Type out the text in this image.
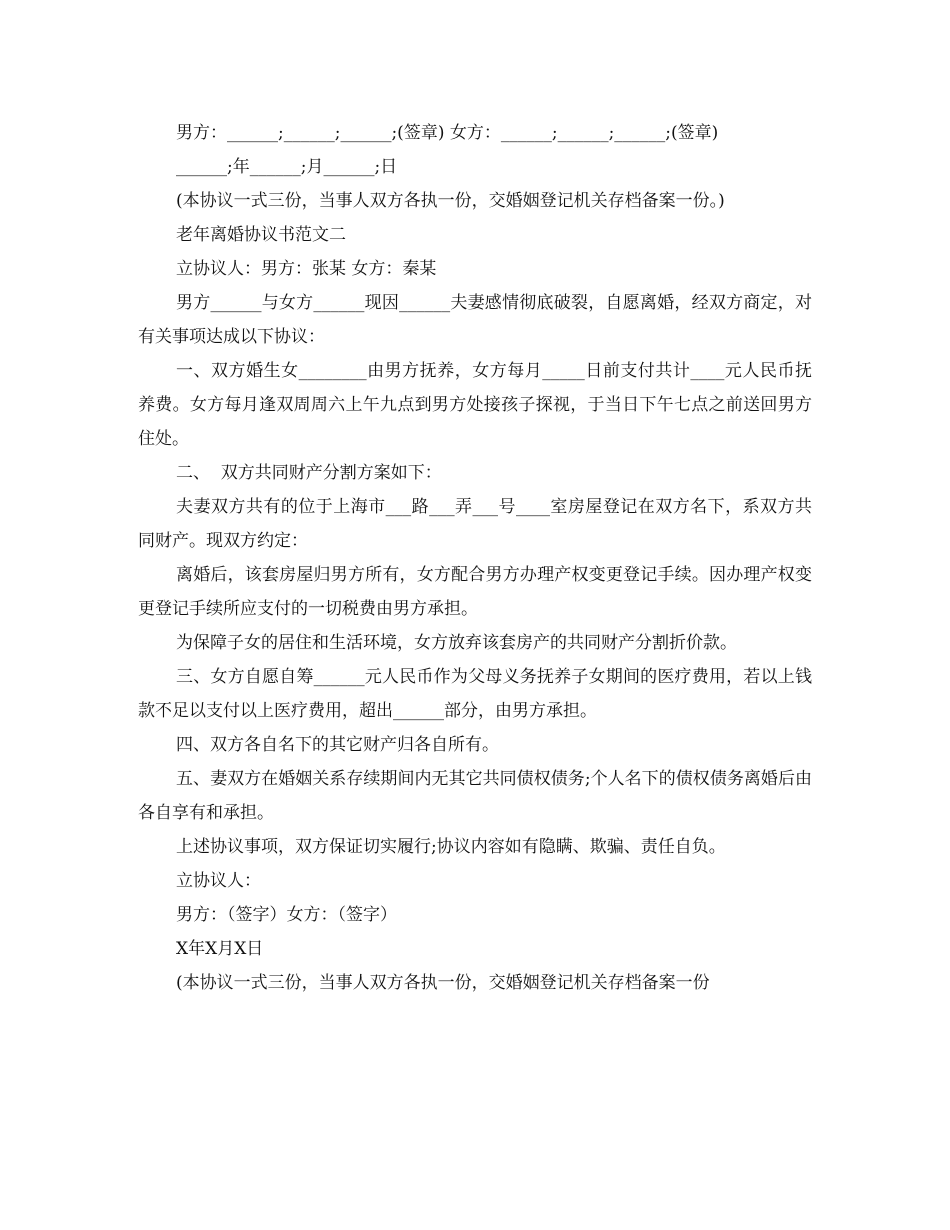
男方：______;______;______;(签章) 女方：______;______;______;(签章)

______;年______;月______;日

(本协议一式三份，当事人双方各执一份，交婚姻登记机关存档备案一份。)

老年离婚协议书范文二

立协议人：男方：张某 女方：秦某

男方______与女方______现因______夫妻感情彻底破裂，自愿离婚，经双方商定，对有关事项达成以下协议：

一、双方婚生女________由男方抚养，女方每月_____日前支付共计____元人民币抚养费。女方每月逢双周周六上午九点到男方处接孩子探视，于当日下午七点之前送回男方住处。

二、  双方共同财产分割方案如下：

夫妻双方共有的位于上海市___路___弄___号____室房屋登记在双方名下，系双方共同财产。现双方约定：

离婚后，该套房屋归男方所有，女方配合男方办理产权变更登记手续。因办理产权变更登记手续所应支付的一切税费由男方承担。

为保障子女的居住和生活环境，女方放弃该套房产的共同财产分割折价款。

三、女方自愿自筹______元人民币作为父母义务抚养子女期间的医疗费用，若以上钱款不足以支付以上医疗费用，超出______部分，由男方承担。

四、双方各自名下的其它财产归各自所有。

五、妻双方在婚姻关系存续期间内无其它共同债权债务;个人名下的债权债务离婚后由各自享有和承担。

上述协议事项，双方保证切实履行;协议内容如有隐瞒、欺骗、责任自负。

立协议人：

男方：（签字）女方：（签字）

X年X月X日

(本协议一式三份，当事人双方各执一份，交婚姻登记机关存档备案一份
